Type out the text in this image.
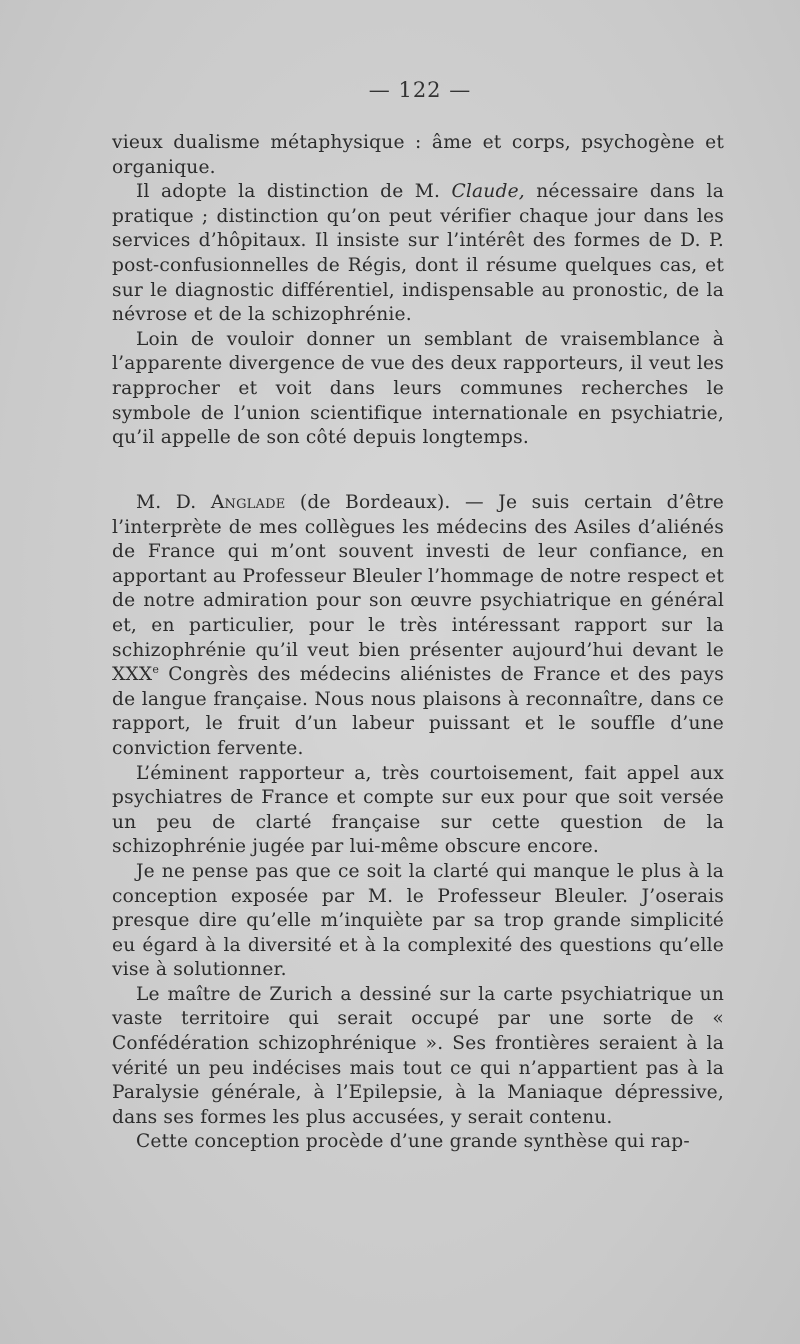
— 122 —

vieux dualisme métaphysique : âme et corps, psychogène et organique.

Il adopte la distinction de M. Claude, nécessaire dans la pratique ; distinction qu’on peut vérifier chaque jour dans les services d’hôpitaux. Il insiste sur l’intérêt des formes de D. P. post-confusionnelles de Régis, dont il résume quelques cas, et sur le diagnostic différentiel, indispensable au pronostic, de la névrose et de la schizophrénie.

Loin de vouloir donner un semblant de vraisemblance à l’apparente divergence de vue des deux rapporteurs, il veut les rapprocher et voit dans leurs communes recherches le symbole de l’union scientifique internationale en psychiatrie, qu’il appelle de son côté depuis longtemps.

M. D. Anglade (de Bordeaux). — Je suis certain d’être l’interprète de mes collègues les médecins des Asiles d’aliénés de France qui m’ont souvent investi de leur confiance, en apportant au Professeur Bleuler l’hommage de notre respect et de notre admiration pour son œuvre psychiatrique en général et, en particulier, pour le très intéressant rapport sur la schizophrénie qu’il veut bien présenter aujourd’hui devant le XXXe Congrès des médecins aliénistes de France et des pays de langue française. Nous nous plaisons à reconnaître, dans ce rapport, le fruit d’un labeur puissant et le souffle d’une conviction fervente.

L’éminent rapporteur a, très courtoisement, fait appel aux psychiatres de France et compte sur eux pour que soit versée un peu de clarté française sur cette question de la schizophrénie jugée par lui-même obscure encore.

Je ne pense pas que ce soit la clarté qui manque le plus à la conception exposée par M. le Professeur Bleuler. J’oserais presque dire qu’elle m’inquiète par sa trop grande simplicité eu égard à la diversité et à la complexité des questions qu’elle vise à solutionner.

Le maître de Zurich a dessiné sur la carte psychiatrique un vaste territoire qui serait occupé par une sorte de « Confédération schizophrénique ». Ses frontières seraient à la vérité un peu indécises mais tout ce qui n’appartient pas à la Paralysie générale, à l’Epilepsie, à la Maniaque dépressive, dans ses formes les plus accusées, y serait contenu.

Cette conception procède d’une grande synthèse qui rap-
